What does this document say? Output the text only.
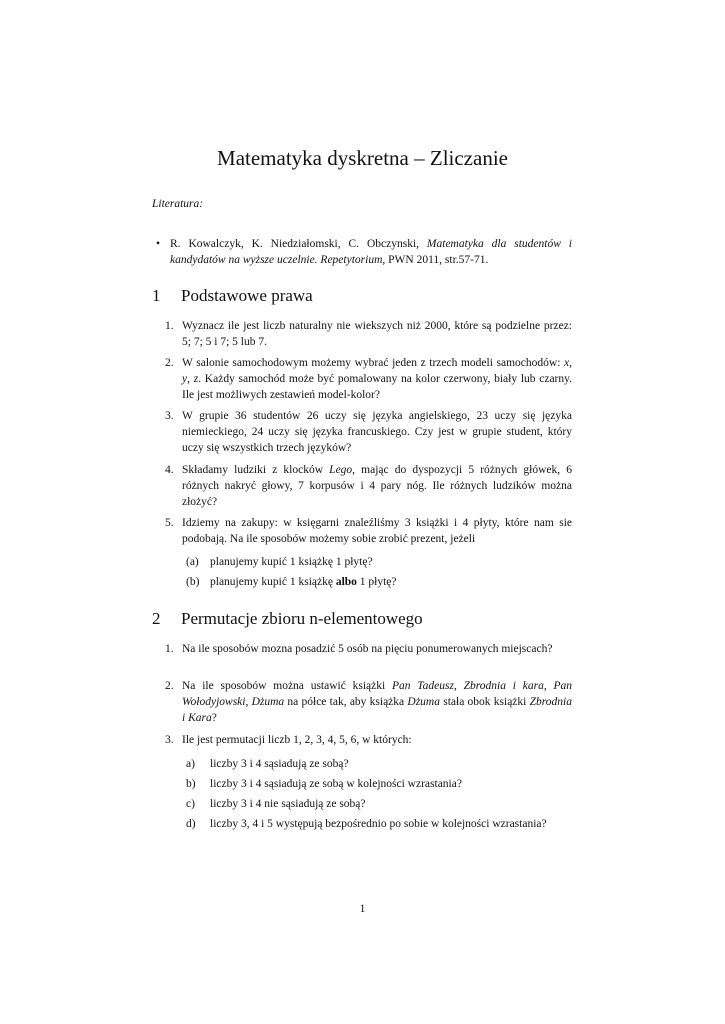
Matematyka dyskretna – Zliczanie
Literatura:
• R. Kowalczyk, K. Niedziałomski, C. Obczynski, Matematyka dla studentów i kandydatów na wyższe uczelnie. Repetytorium, PWN 2011, str.57-71.
1 Podstawowe prawa
1. Wyznacz ile jest liczb naturalny nie wiekszych niż 2000, które są podzielne przez: 5; 7; 5 i 7; 5 lub 7.
2. W salonie samochodowym możemy wybrać jeden z trzech modeli samochodów: x, y, z. Każdy samochód może być pomalowany na kolor czerwony, biały lub czarny. Ile jest możliwych zestawień model-kolor?
3. W grupie 36 studentów 26 uczy się języka angielskiego, 23 uczy się języka niemieckiego, 24 uczy się języka francuskiego. Czy jest w grupie student, który uczy się wszystkich trzech języków?
4. Składamy ludziki z klocków Lego, mając do dyspozycji 5 różnych główek, 6 różnych nakryć głowy, 7 korpusów i 4 pary nóg. Ile różnych ludzików można złożyć?
5. Idziemy na zakupy: w księgarni znaleźliśmy 3 książki i 4 płyty, które nam sie podobają. Na ile sposobów możemy sobie zrobić prezent, jeżeli
(a) planujemy kupić 1 książkę 1 płytę?
(b) planujemy kupić 1 książkę albo 1 płytę?
2 Permutacje zbioru n-elementowego
1. Na ile sposobów mozna posadzić 5 osób na pięciu ponumerowanych miejscach?
2. Na ile sposobów można ustawić książki Pan Tadeusz, Zbrodnia i kara, Pan Wołodyjowski, Dżuma na półce tak, aby książka Dżuma stała obok książki Zbrodnia i Kara?
3. Ile jest permutacji liczb 1, 2, 3, 4, 5, 6, w których:
a) liczby 3 i 4 sąsiadują ze sobą?
b) liczby 3 i 4 sąsiadują ze sobą w kolejności wzrastania?
c) liczby 3 i 4 nie sąsiadują ze sobą?
d) liczby 3, 4 i 5 występują bezpośrednio po sobie w kolejności wzrastania?
1
